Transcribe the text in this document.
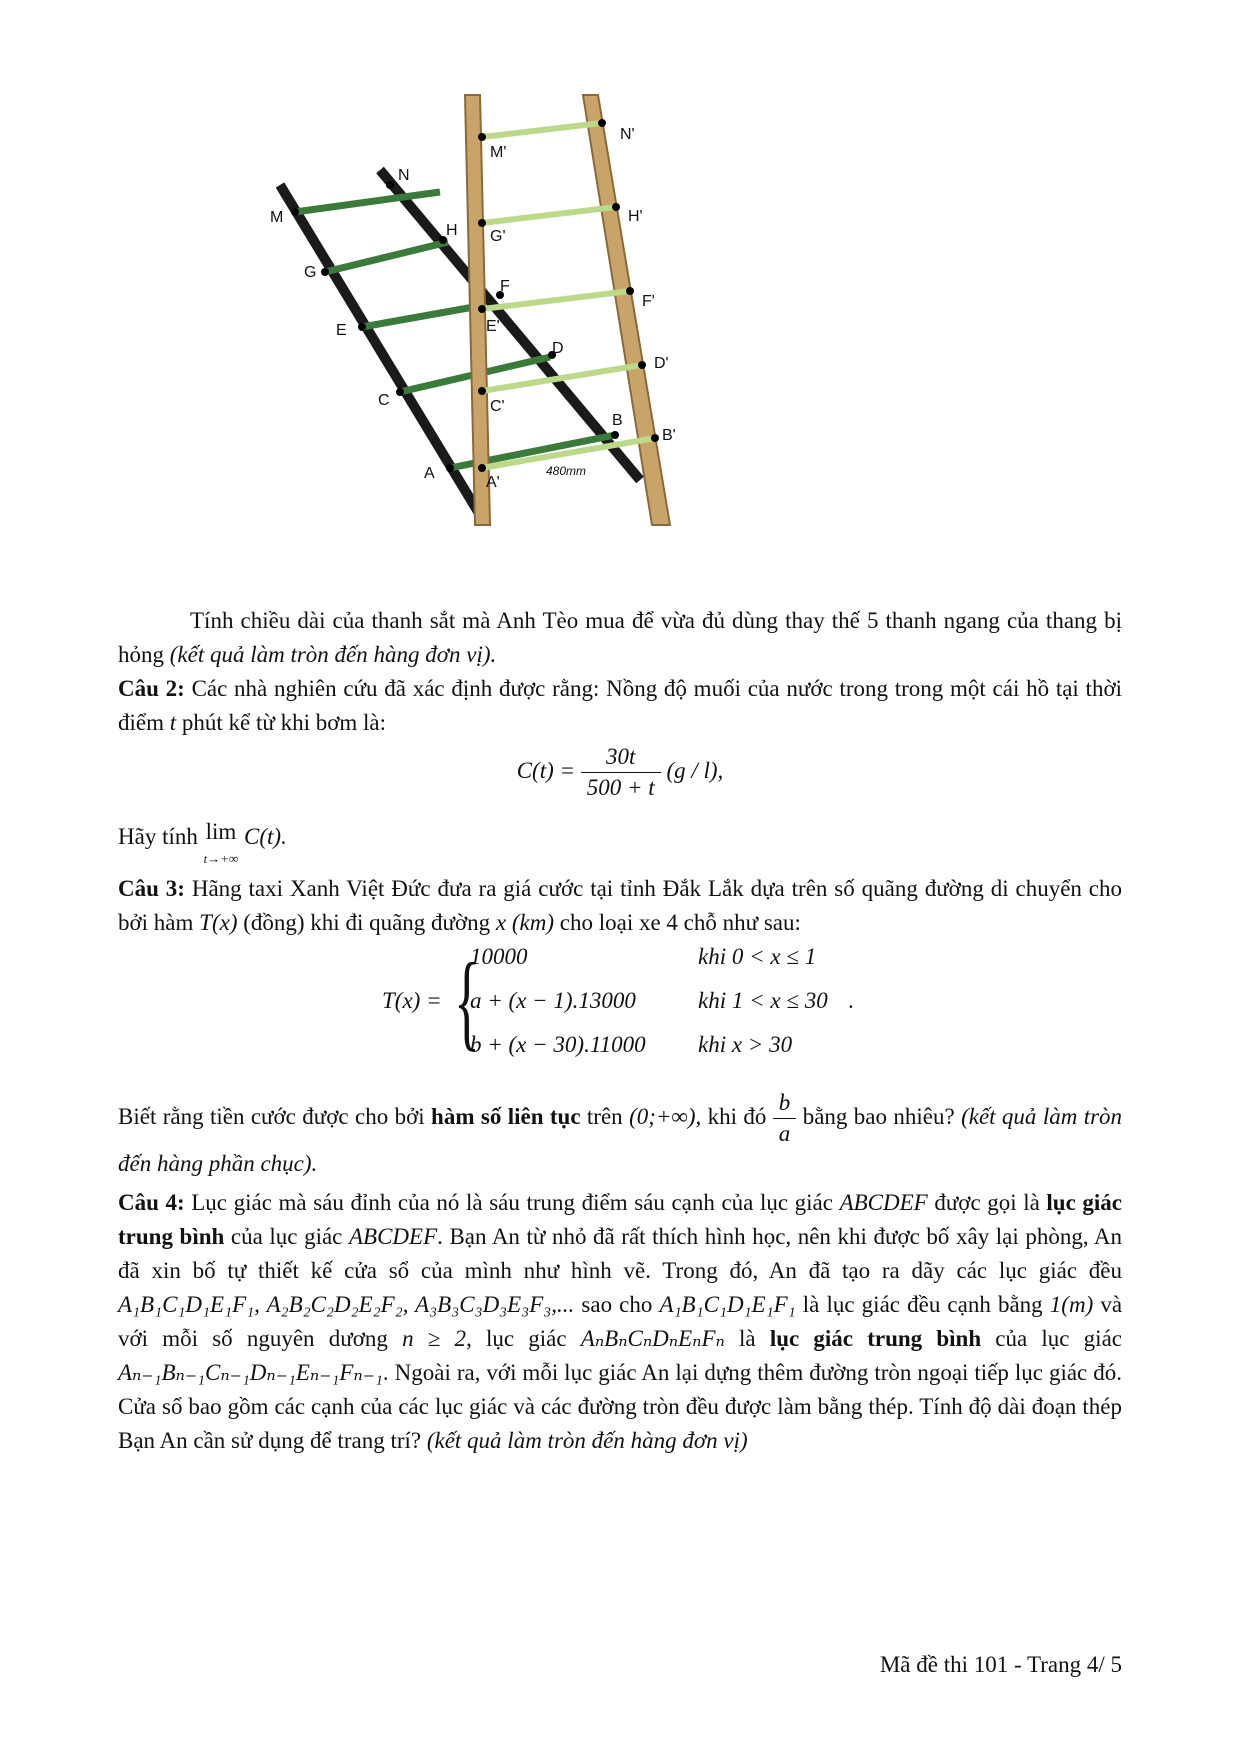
M
N
G
H
E
F
C
D
A
B
M'
N'
G'
H'
E'
F'
C'
D'
A'
B'
480mm
Tính chiều dài của thanh sắt mà Anh Tèo mua để vừa đủ dùng thay thế 5 thanh ngang của thang bị hỏng (kết quả làm tròn đến hàng đơn vị).
Câu 2: Các nhà nghiên cứu đã xác định được rằng: Nồng độ muối của nước trong trong một cái hồ tại thời điểm t phút kể từ khi bơm là:
$C(t) = \frac{30t}{500 + t} (g / l)$,
Hãy tính lim
t→+∞ C(t).
Câu 3: Hãng taxi Xanh Việt Đức đưa ra giá cước tại tỉnh Đắk Lắk dựa trên số quãng đường di chuyển cho bởi hàm T(x) (đồng) khi đi quãng đường x (km) cho loại xe 4 chỗ như sau:
T(x) = {
10000	khi 0 < x ≤ 1
a + (x − 1).13000	khi 1 < x ≤ 30 .
b + (x − 30).11000 khi x > 30
Biết rằng tiền cước được cho bởi hàm số liên tục trên (0;+∞), khi đó $\frac{b}{a}$ bằng bao nhiêu? (kết quả làm tròn đến hàng phần chục).
Câu 4: Lục giác mà sáu đỉnh của nó là sáu trung điểm sáu cạnh của lục giác ABCDEF được gọi là lục giác trung bình của lục giác ABCDEF. Bạn An từ nhỏ đã rất thích hình học, nên khi được bố xây lại phòng, An đã xin bố tự thiết kế cửa sổ của mình như hình vẽ. Trong đó, An đã tạo ra dãy các lục giác đều A₁B₁C₁D₁E₁F₁, A₂B₂C₂D₂E₂F₂, A₃B₃C₃D₃E₃F₃,... sao cho A₁B₁C₁D₁E₁F₁ là lục giác đều cạnh bằng 1(m) và với mỗi số nguyên dương n ≥ 2, lục giác AₙBₙCₙDₙEₙFₙ là lục giác trung bình của lục giác Aₙ₋₁Bₙ₋₁Cₙ₋₁Dₙ₋₁Eₙ₋₁Fₙ₋₁. Ngoài ra, với mỗi lục giác An lại dựng thêm đường tròn ngoại tiếp lục giác đó. Cửa sổ bao gồm các cạnh của các lục giác và các đường tròn đều được làm bằng thép. Tính độ dài đoạn thép Bạn An cần sử dụng để trang trí? (kết quả làm tròn đến hàng đơn vị)
Mã đề thi 101 - Trang 4/ 5
